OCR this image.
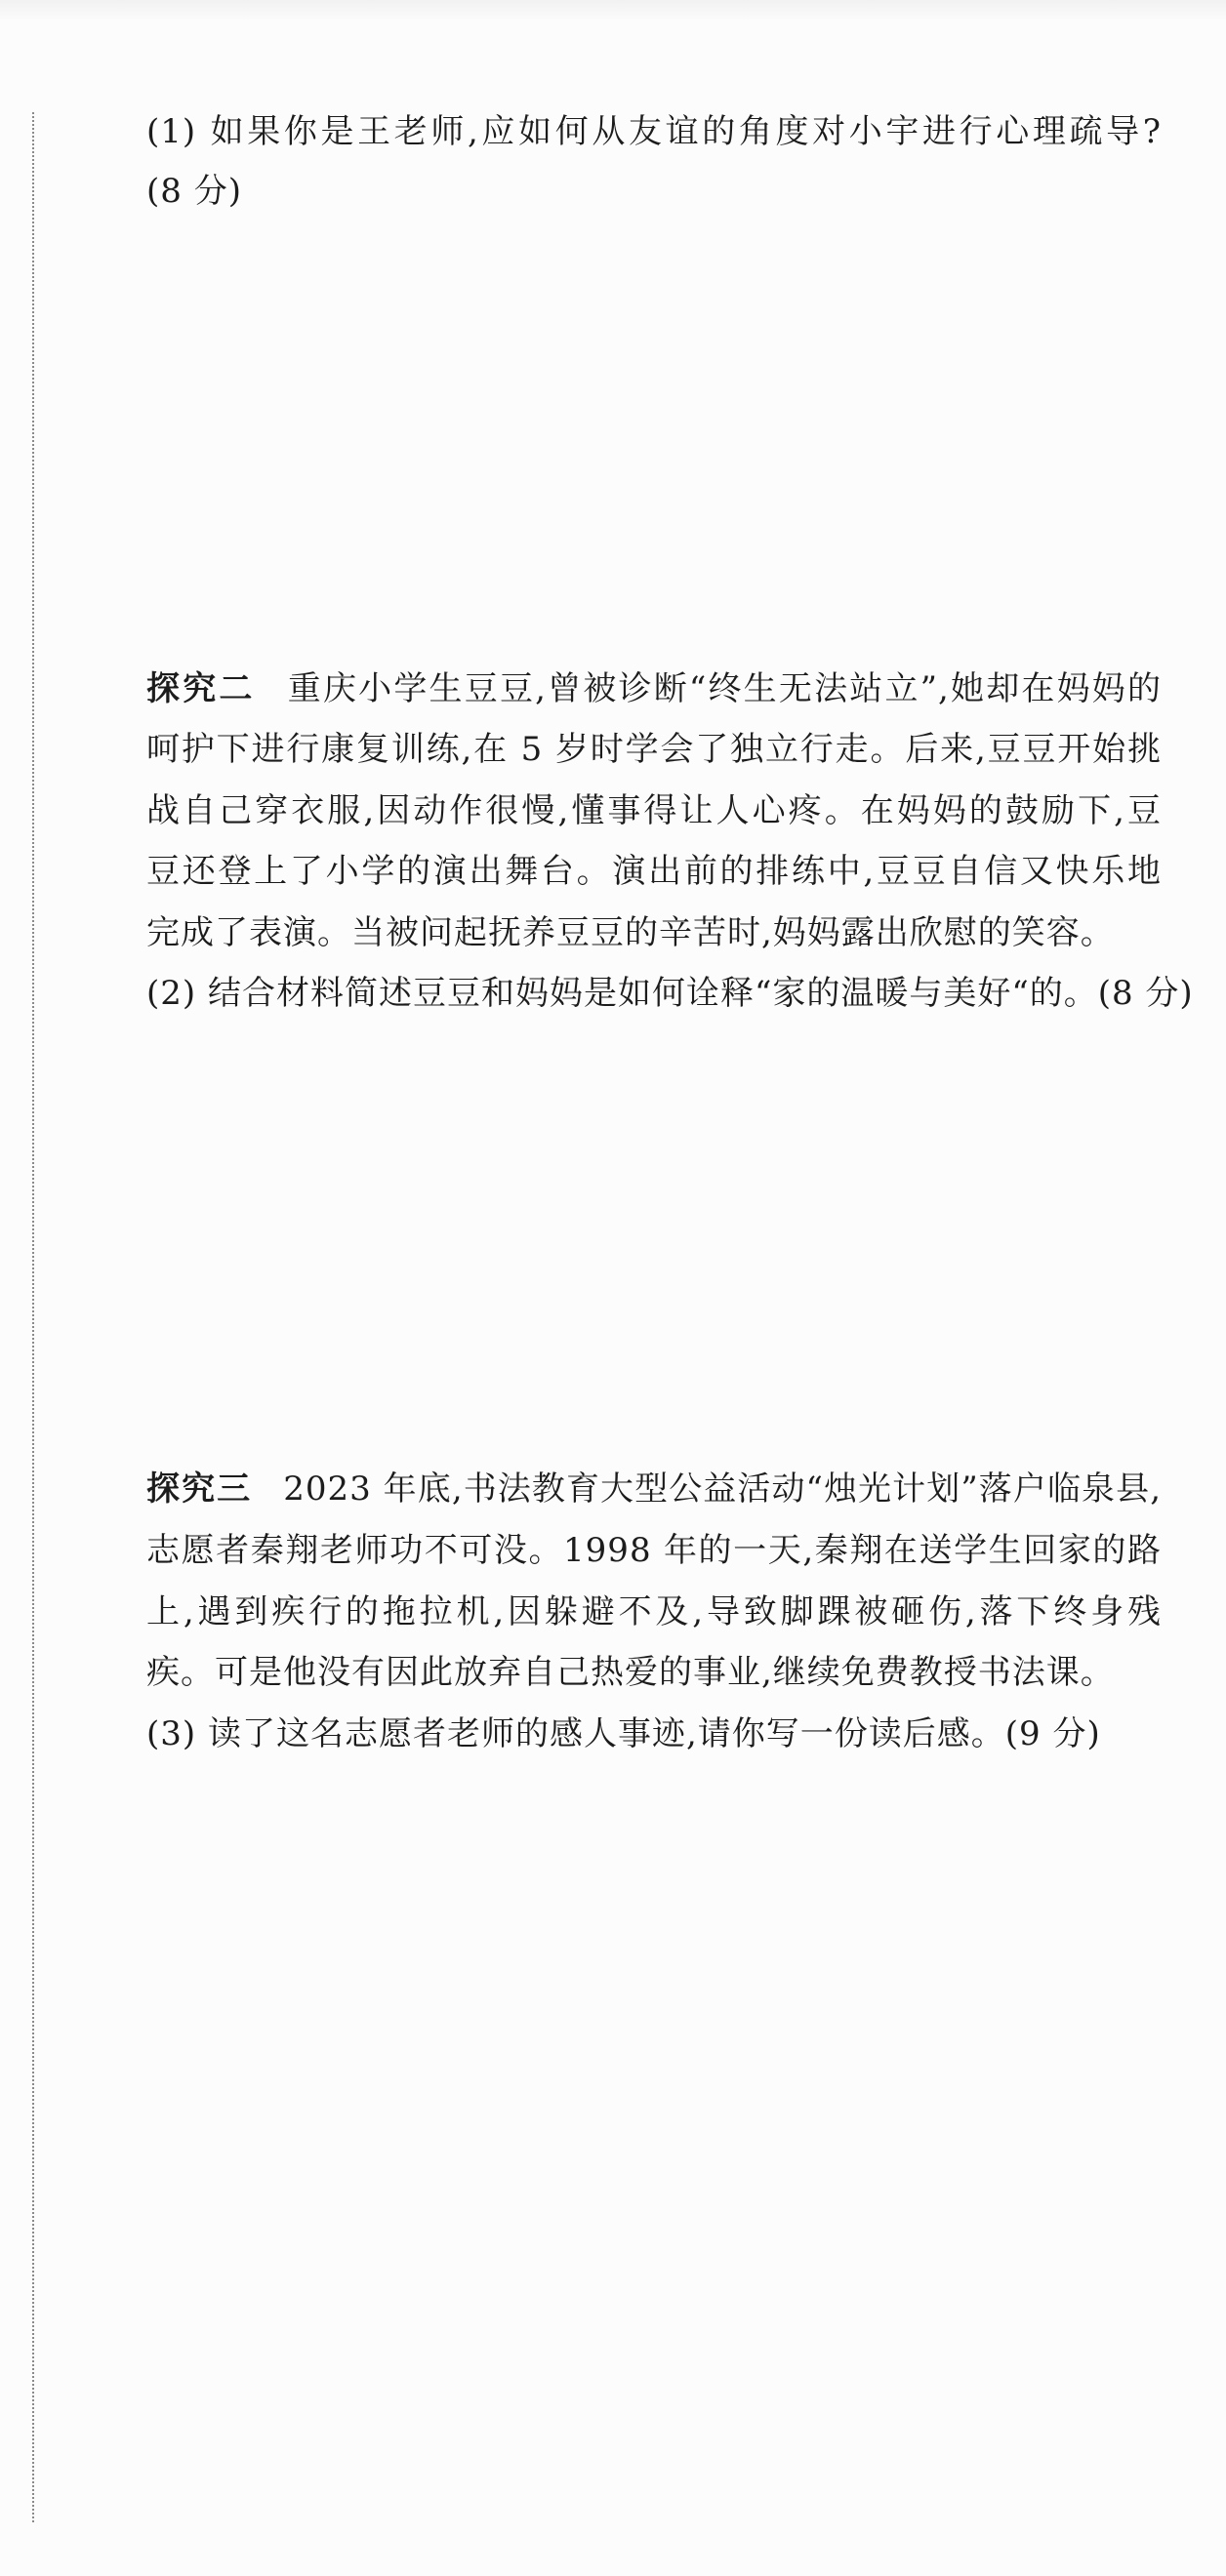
(1) 如果你是王老师,应如何从友谊的角度对小宇进行心理疏导?
(8 分)
探究二 重庆小学生豆豆,曾被诊断“终生无法站立”,她却在妈妈的
呵护下进行康复训练,在 5 岁时学会了独立行走。后来,豆豆开始挑
战自己穿衣服,因动作很慢,懂事得让人心疼。在妈妈的鼓励下,豆
豆还登上了小学的演出舞台。演出前的排练中,豆豆自信又快乐地
完成了表演。当被问起抚养豆豆的辛苦时,妈妈露出欣慰的笑容。
(2) 结合材料简述豆豆和妈妈是如何诠释“家的温暖与美好“的。(8 分)
探究三 2023 年底,书法教育大型公益活动“烛光计划”落户临泉县,
志愿者秦翔老师功不可没。1998 年的一天,秦翔在送学生回家的路
上,遇到疾行的拖拉机,因躲避不及,导致脚踝被砸伤,落下终身残
疾。可是他没有因此放弃自己热爱的事业,继续免费教授书法课。
(3) 读了这名志愿者老师的感人事迹,请你写一份读后感。(9 分)
